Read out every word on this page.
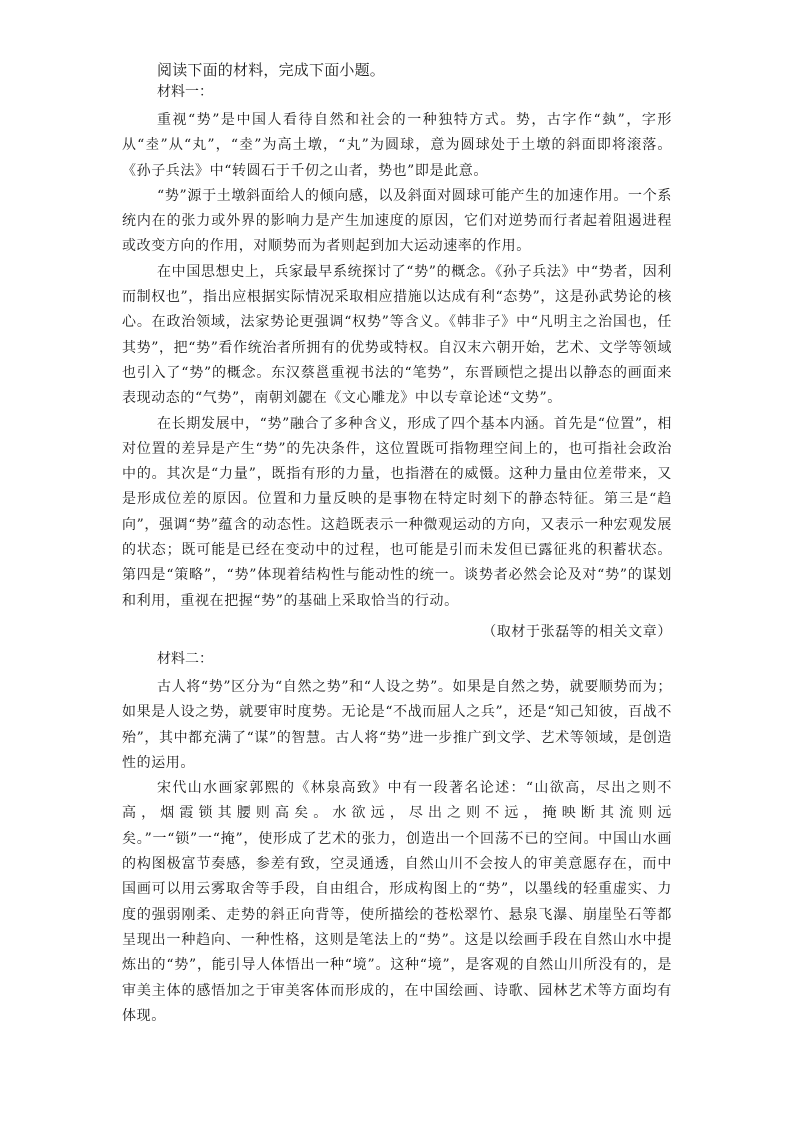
阅读下面的材料，完成下面小题。
材料一：

重视“势”是中国人看待自然和社会的一种独特方式。势，古字作“埶”，字形从“坴”从“丸”，“坴”为高土墩，“丸”为圆球，意为圆球处于土墩的斜面即将滚落。《孙子兵法》中“转圆石于千仞之山者，势也”即是此意。

“势”源于土墩斜面给人的倾向感，以及斜面对圆球可能产生的加速作用。一个系统内在的张力或外界的影响力是产生加速度的原因，它们对逆势而行者起着阻遏进程或改变方向的作用，对顺势而为者则起到加大运动速率的作用。

在中国思想史上，兵家最早系统探讨了“势”的概念。《孙子兵法》中“势者，因利而制权也”，指出应根据实际情况采取相应措施以达成有利“态势”，这是孙武势论的核心。在政治领域，法家势论更强调“权势”等含义。《韩非子》中“凡明主之治国也，任其势”，把“势”看作统治者所拥有的优势或特权。自汉末六朝开始，艺术、文学等领域也引入了“势”的概念。东汉蔡邕重视书法的“笔势”，东晋顾恺之提出以静态的画面来表现动态的“气势”，南朝刘勰在《文心雕龙》中以专章论述“文势”。

在长期发展中，“势”融合了多种含义，形成了四个基本内涵。首先是“位置”，相对位置的差异是产生“势”的先决条件，这位置既可指物理空间上的，也可指社会政治中的。其次是“力量”，既指有形的力量，也指潜在的威慑。这种力量由位差带来，又是形成位差的原因。位置和力量反映的是事物在特定时刻下的静态特征。第三是“趋向”，强调“势”蕴含的动态性。这趋既表示一种微观运动的方向，又表示一种宏观发展的状态；既可能是已经在变动中的过程，也可能是引而未发但已露征兆的积蓄状态。第四是“策略”，“势”体现着结构性与能动性的统一。谈势者必然会论及对“势”的谋划和利用，重视在把握“势”的基础上采取恰当的行动。

（取材于张磊等的相关文章）
材料二：

古人将“势”区分为“自然之势”和“人设之势”。如果是自然之势，就要顺势而为；如果是人设之势，就要审时度势。无论是“不战而屈人之兵”，还是“知己知彼，百战不殆”，其中都充满了“谋”的智慧。古人将“势”进一步推广到文学、艺术等领域，是创造性的运用。

宋代山水画家郭熙的《林泉高致》中有一段著名论述：“山欲高，尽出之则不高，烟霞锁其腰则高矣。水欲远，尽出之则不远，掩映断其流则远矣。”一“锁”一“掩”，使形成了艺术的张力，创造出一个回荡不已的空间。中国山水画的构图极富节奏感，参差有致，空灵通透，自然山川不会按人的审美意愿存在，而中国画可以用云雾取舍等手段，自由组合，形成构图上的“势”，以墨线的轻重虚实、力度的强弱刚柔、走势的斜正向背等，使所描绘的苍松翠竹、悬泉飞瀑、崩崖坠石等都呈现出一种趋向、一种性格，这则是笔法上的“势”。这是以绘画手段在自然山水中提炼出的“势”，能引导人体悟出一种“境”。这种“境”，是客观的自然山川所没有的，是审美主体的感悟加之于审美客体而形成的，在中国绘画、诗歌、园林艺术等方面均有体现。
